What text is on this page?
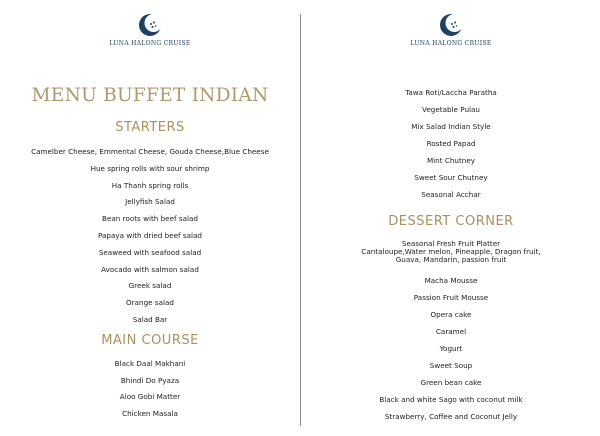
LUNA HALONG CRUISE
MENU BUFFET INDIAN
STARTERS
Camelber Cheese, Emmental Cheese, Gouda Cheese,Blue Cheese
Hue spring rolls with sour shrimp
Ha Thanh spring rolls
Jellyfish Salad
Bean roots with beef salad
Papaya with dried beef salad
Seaweed with seafood salad
Avocado with salmon salad
Greek salad
Orange salad
Salad Bar
MAIN COURSE
Black Daal Makhani
Bhindi Do Pyaza
Aloo Gobi Matter
Chicken Masala
LUNA HALONG CRUISE
Tawa Roti/Laccha Paratha
Vegetable Pulau
Mix Salad Indian Style
Rosted Papad
Mint Chutney
Sweet Sour Chutney
Seasonal Acchar
DESSERT CORNER
Seasonal Fresh Fruit Platter
Cantaloupe,Water melon, Pineapple, Dragon fruit,
Guava, Mandarin, passion fruit
Macha Mousse
Passion Fruit Mousse
Opera cake
Caramel
Yogurt
Sweet Soup
Green bean cake
Black and white Sago with coconut milk
Strawberry, Coffee and Coconut Jelly
